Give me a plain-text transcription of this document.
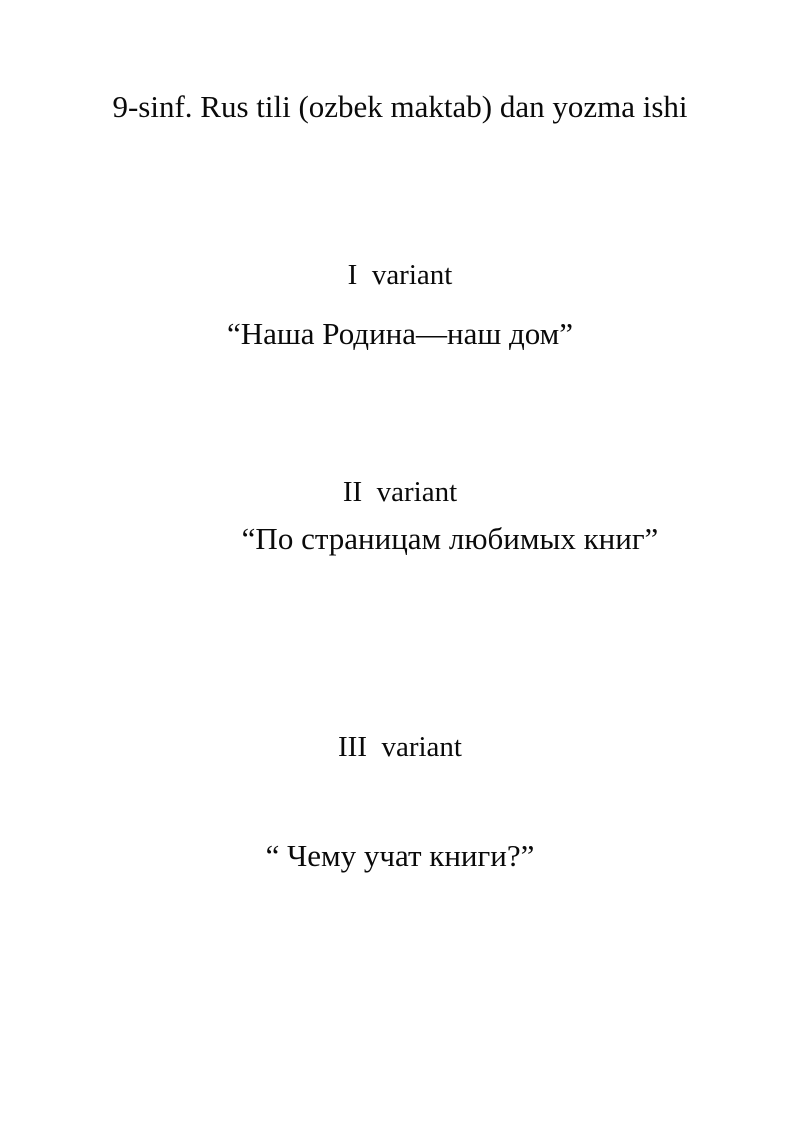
9-sinf. Rus tili (ozbek maktab) dan yozma ishi
I  variant
“Наша Родина—наш дом”
II  variant
“По страницам любимых книг”
III  variant
“ Чему учат книги?”
